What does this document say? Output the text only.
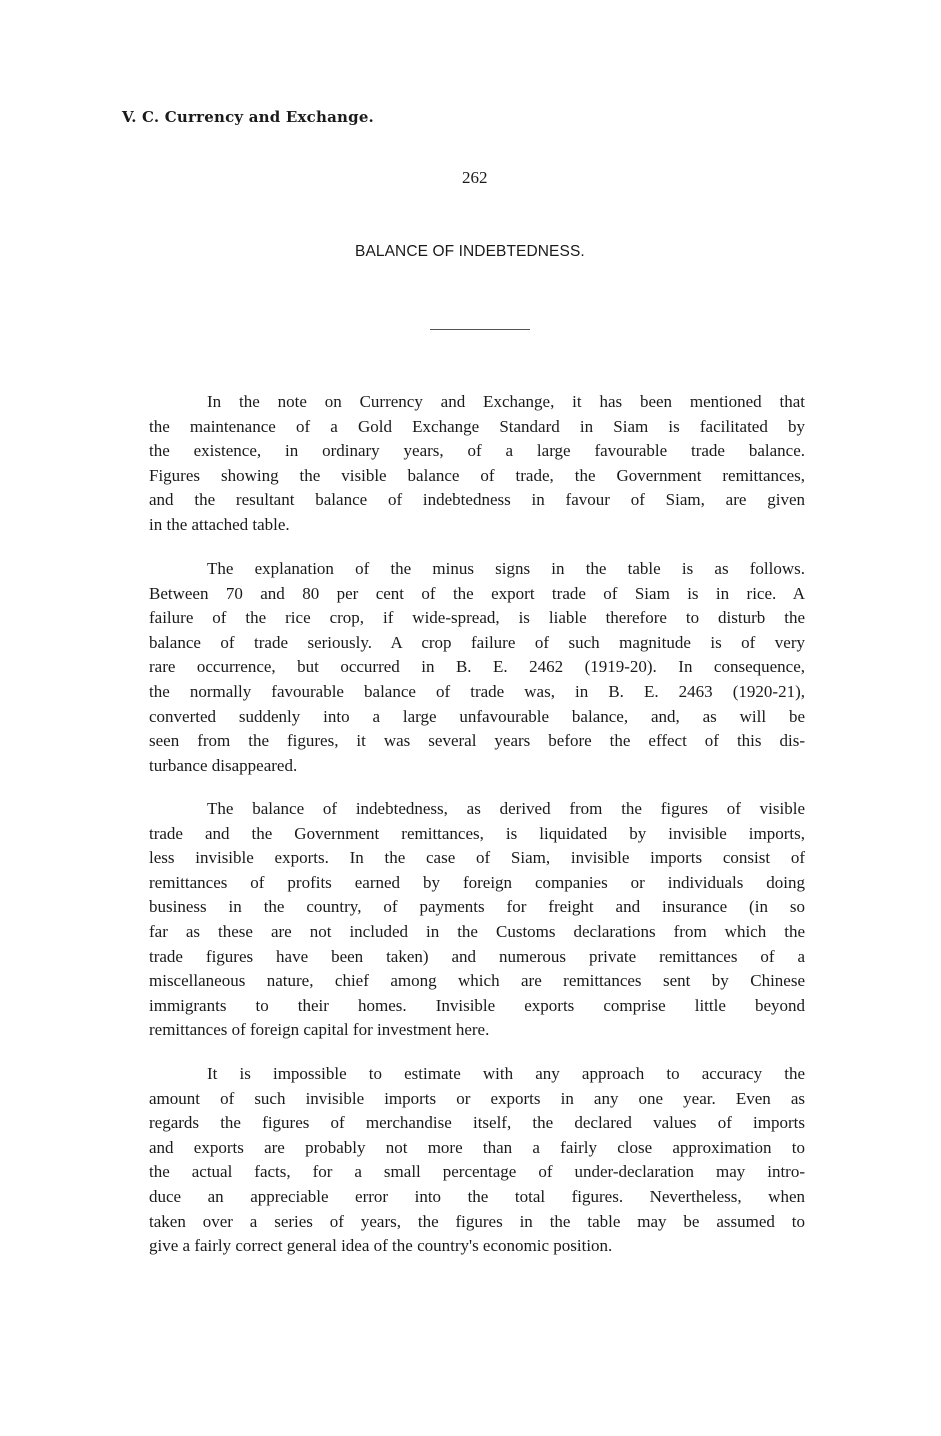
V. C. Currency and Exchange.
262
BALANCE OF INDEBTEDNESS.
In the note on Currency and Exchange, it has been mentioned that
the maintenance of a Gold Exchange Standard in Siam is facilitated by
the existence, in ordinary years, of a large favourable trade balance.
Figures showing the visible balance of trade, the Government remittances,
and the resultant balance of indebtedness in favour of Siam, are given
in the attached table.
The explanation of the minus signs in the table is as follows.
Between 70 and 80 per cent of the export trade of Siam is in rice. A
failure of the rice crop, if wide-spread, is liable therefore to disturb the
balance of trade seriously. A crop failure of such magnitude is of very
rare occurrence, but occurred in B. E. 2462 (1919-20). In consequence,
the normally favourable balance of trade was, in B. E. 2463 (1920-21),
converted suddenly into a large unfavourable balance, and, as will be
seen from the figures, it was several years before the effect of this dis-
turbance disappeared.
The balance of indebtedness, as derived from the figures of visible
trade and the Government remittances, is liquidated by invisible imports,
less invisible exports. In the case of Siam, invisible imports consist of
remittances of profits earned by foreign companies or individuals doing
business in the country, of payments for freight and insurance (in so
far as these are not included in the Customs declarations from which the
trade figures have been taken) and numerous private remittances of a
miscellaneous nature, chief among which are remittances sent by Chinese
immigrants to their homes. Invisible exports comprise little beyond
remittances of foreign capital for investment here.
It is impossible to estimate with any approach to accuracy the
amount of such invisible imports or exports in any one year. Even as
regards the figures of merchandise itself, the declared values of imports
and exports are probably not more than a fairly close approximation to
the actual facts, for a small percentage of under-declaration may intro-
duce an appreciable error into the total figures. Nevertheless, when
taken over a series of years, the figures in the table may be assumed to
give a fairly correct general idea of the country's economic position.
